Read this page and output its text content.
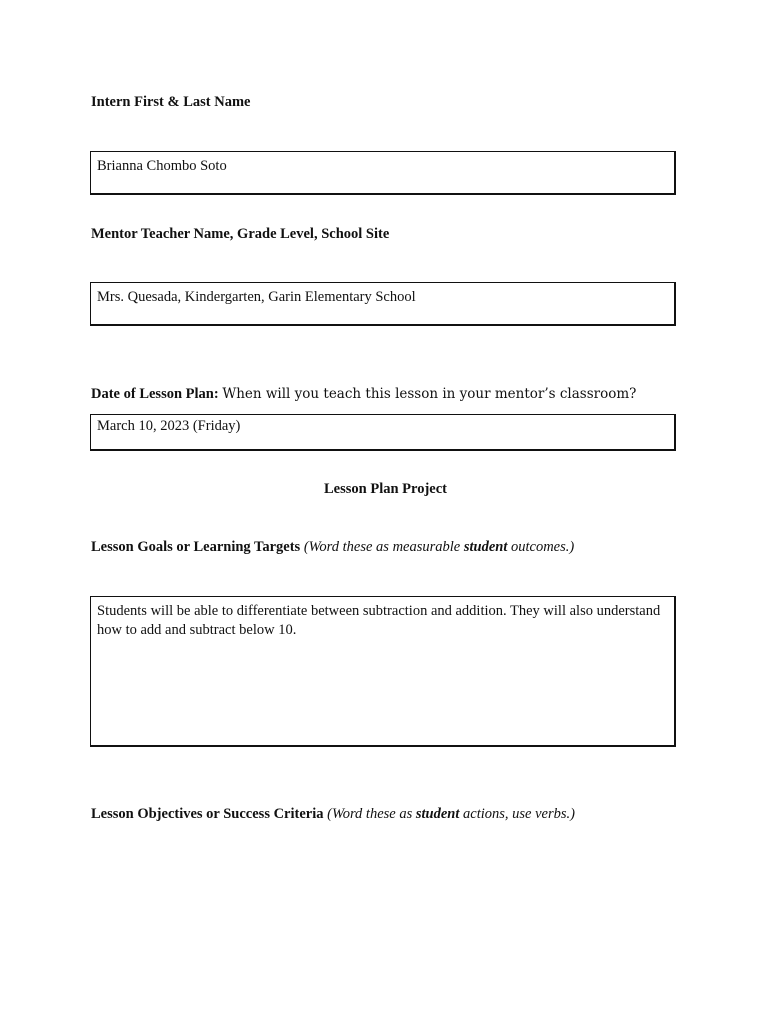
Intern First & Last Name
Brianna Chombo Soto
Mentor Teacher Name, Grade Level, School Site
Mrs. Quesada, Kindergarten, Garin Elementary School
Date of Lesson Plan: When will you teach this lesson in your mentor’s classroom?
March 10, 2023 (Friday)
Lesson Plan Project
Lesson Goals or Learning Targets (Word these as measurable student outcomes.)
Students will be able to differentiate between subtraction and addition. They will also understand how to add and subtract below 10.
Lesson Objectives or Success Criteria (Word these as student actions, use verbs.)
